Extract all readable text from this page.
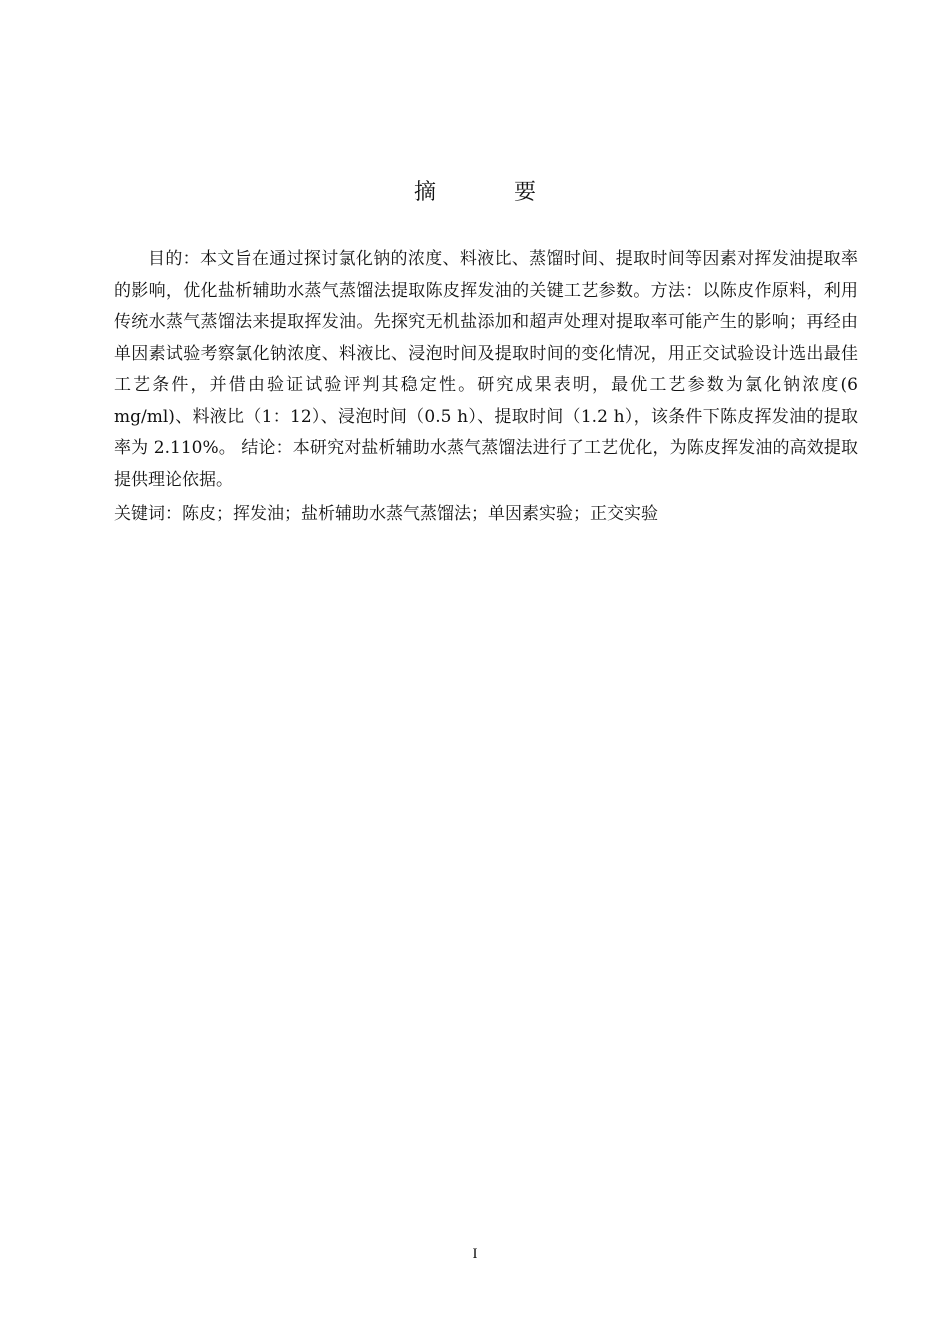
摘　要

目的：本文旨在通过探讨氯化钠的浓度、料液比、蒸馏时间、提取时间等因素对挥发油提取率的影响，优化盐析辅助水蒸气蒸馏法提取陈皮挥发油的关键工艺参数。方法：以陈皮作原料，利用传统水蒸气蒸馏法来提取挥发油。先探究无机盐添加和超声处理对提取率可能产生的影响；再经由单因素试验考察氯化钠浓度、料液比、浸泡时间及提取时间的变化情况，用正交试验设计选出最佳工艺条件，并借由验证试验评判其稳定性。研究成果表明，最优工艺参数为氯化钠浓度(6 mg/ml)、料液比（1：12）、浸泡时间（0.5 h）、提取时间（1.2 h），该条件下陈皮挥发油的提取率为 2.110%。 结论：本研究对盐析辅助水蒸气蒸馏法进行了工艺优化，为陈皮挥发油的高效提取提供理论依据。

关键词：陈皮；挥发油；盐析辅助水蒸气蒸馏法；单因素实验；正交实验

I
